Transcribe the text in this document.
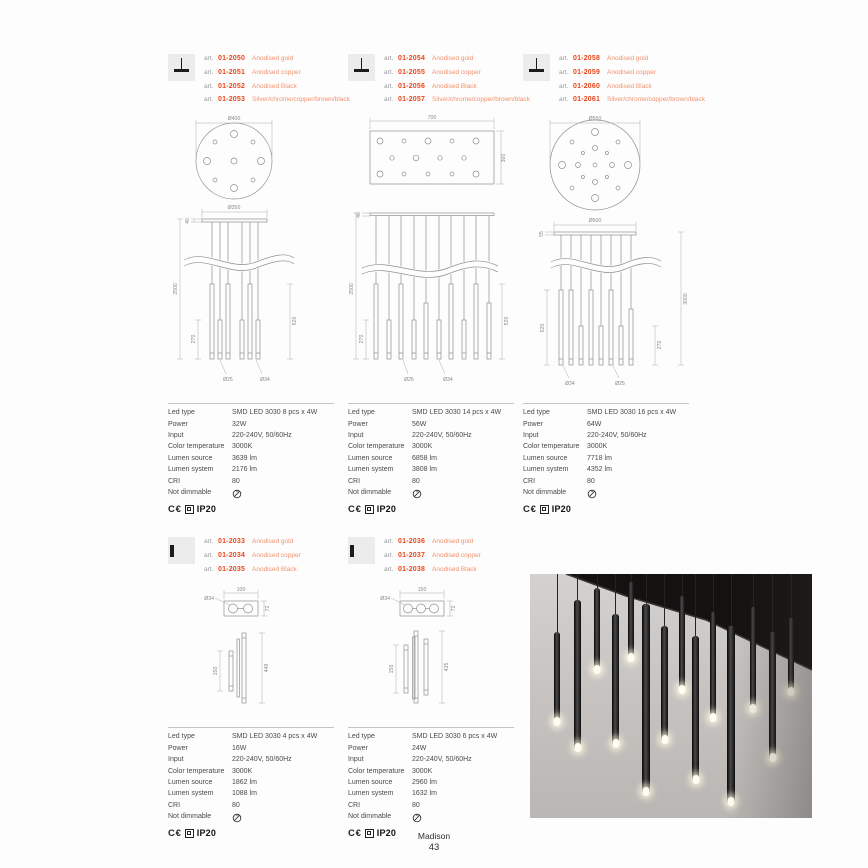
art. 01-2050	Anodised gold
art. 01-2051	Anodised copper
art. 01-2052	Anodised Black
art. 01-2053	Silver/chrome/copper/brown/black
Ø400
Ø350
40
2500
270
520
Ø25	Ø34
Led type	SMD LED 3030 8 pcs x 4W
Power	32W
Input	220-240V, 50/60Hz
Color temperature	3000K
Lumen source	3639 lm
Lumen system	2176 lm
CRI	80
Not dimmable
C€ IP20
art. 01-2054	Anodised gold
art. 01-2055	Anodised copper
art. 01-2056	Anodised Black
art. 01-2057	Silver/chrome/copper/brown/black
700
300
40
2500
270
520
Ø25	Ø34
Led type	SMD LED 3030 14 pcs x 4W
Power	56W
Input	220-240V, 50/60Hz
Color temperature	3000K
Lumen source	6858 lm
Lumen system	3808 lm
CRI	80
Not dimmable
C€ IP20
art. 01-2058	Anodised gold
art. 01-2059	Anodised copper
art. 01-2060	Anodised Black
art. 01-2061	Silver/chrome/copper/brown/black
Ø550
Ø500
55
3000
520
270
Ø34	Ø25
Led type	SMD LED 3030 16 pcs x 4W
Power	64W
Input	220-240V, 50/60Hz
Color temperature	3000K
Lumen source	7718 lm
Lumen system	4352 lm
CRI	80
Not dimmable
C€ IP20
art. 01-2033	Anodised gold
art. 01-2034	Anodised copper
art. 01-2035	Anodised Black
100
Ø34
72
150	449
Led type	SMD LED 3030 4 pcs x 4W
Power	16W
Input	220-240V, 50/60Hz
Color temperature	3000K
Lumen source	1862 lm
Lumen system	1088 lm
CRI	80
Not dimmable
C€ IP20
art. 01-2036	Anodised gold
art. 01-2037	Anodised copper
art. 01-2038	Anodised Black
150
Ø34
72
150	435
Led type	SMD LED 3030 6 pcs x 4W
Power	24W
Input	220-240V, 50/60Hz
Color temperature	3000K
Lumen source	2960 lm
Lumen system	1632 lm
CRI	80
Not dimmable
C€ IP20	Madison
43
